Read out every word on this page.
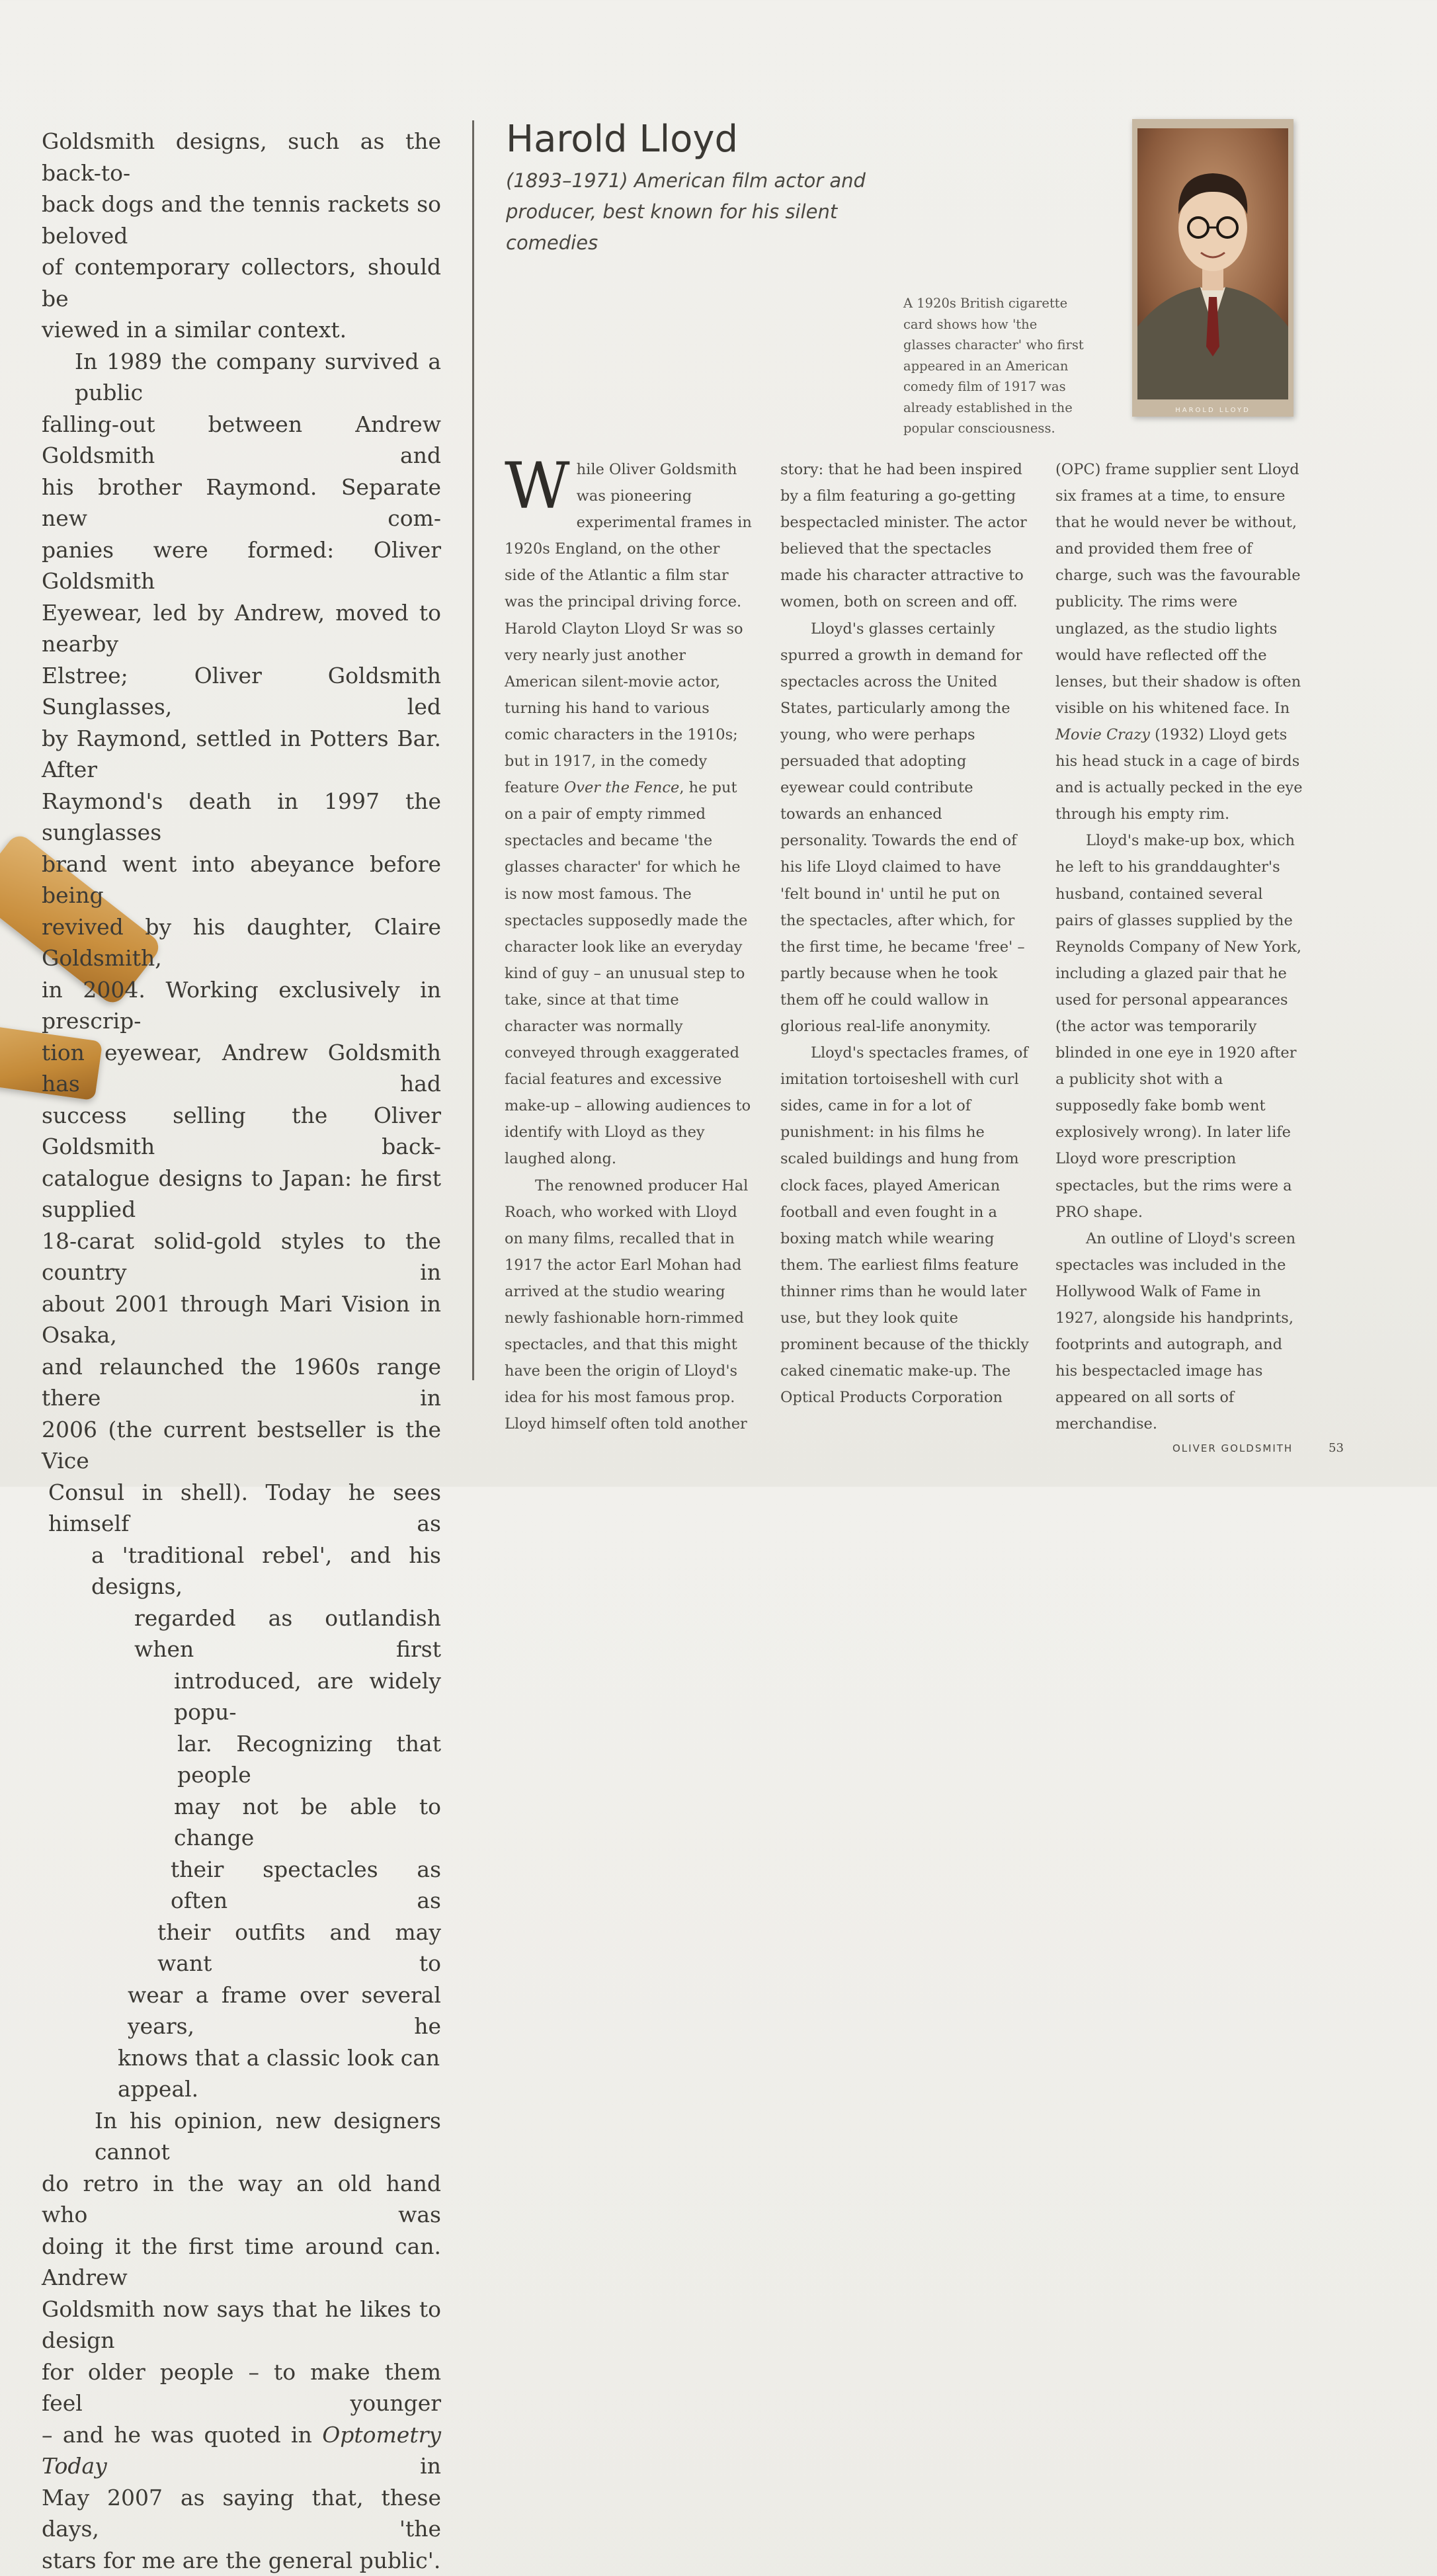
Goldsmith designs, such as the back-to-
back dogs and the tennis rackets so beloved
of contemporary collectors, should be
viewed in a similar context.
In 1989 the company survived a public
falling-out between Andrew Goldsmith and
his brother Raymond. Separate new com-
panies were formed: Oliver Goldsmith
Eyewear, led by Andrew, moved to nearby
Elstree; Oliver Goldsmith Sunglasses, led
by Raymond, settled in Potters Bar. After
Raymond's death in 1997 the sunglasses
brand went into abeyance before being
revived by his daughter, Claire Goldsmith,
in 2004. Working exclusively in prescrip-
tion eyewear, Andrew Goldsmith has had
success selling the Oliver Goldsmith back-
catalogue designs to Japan: he first supplied
18-carat solid-gold styles to the country in
about 2001 through Mari Vision in Osaka,
and relaunched the 1960s range there in
2006 (the current bestseller is the Vice
Consul in shell). Today he sees himself as
a 'traditional rebel', and his designs,
regarded as outlandish when first
introduced, are widely popu-
lar. Recognizing that people
may not be able to change
their spectacles as often as
their outfits and may want to
wear a frame over several years, he
knows that a classic look can appeal.
In his opinion, new designers cannot
do retro in the way an old hand who was
doing it the first time around can. Andrew
Goldsmith now says that he likes to design
for older people – to make them feel younger
– and he was quoted in Optometry Today in
May 2007 as saying that, these days, 'the
stars for me are the general public'.
Harold Lloyd

(1893–1971) American film actor and producer, best known for his silent comedies

HAROLD LLOYD

A 1920s British cigarette card shows how 'the glasses character' who first appeared in an American comedy film of 1917 was already established in the popular consciousness.

While Oliver Goldsmith was pioneering experimental frames in 1920s England, on the other side of the Atlantic a film star was the principal driving force. Harold Clayton Lloyd Sr was so very nearly just another American silent-movie actor, turning his hand to various comic characters in the 1910s; but in 1917, in the comedy feature Over the Fence, he put on a pair of empty rimmed spectacles and became 'the glasses character' for which he is now most famous. The spectacles supposedly made the character look like an everyday kind of guy – an unusual step to take, since at that time character was normally conveyed through exaggerated facial features and excessive make-up – allowing audiences to identify with Lloyd as they laughed along.

The renowned producer Hal Roach, who worked with Lloyd on many films, recalled that in 1917 the actor Earl Mohan had arrived at the studio wearing newly fashionable horn-rimmed spectacles, and that this might have been the origin of Lloyd's idea for his most famous prop. Lloyd himself often told another

story: that he had been inspired by a film featuring a go-getting bespectacled minister. The actor believed that the spectacles made his character attractive to women, both on screen and off.

Lloyd's glasses certainly spurred a growth in demand for spectacles across the United States, particularly among the young, who were perhaps persuaded that adopting eyewear could contribute towards an enhanced personality. Towards the end of his life Lloyd claimed to have 'felt bound in' until he put on the spectacles, after which, for the first time, he became 'free' – partly because when he took them off he could wallow in glorious real-life anonymity.

Lloyd's spectacles frames, of imitation tortoiseshell with curl sides, came in for a lot of punishment: in his films he scaled buildings and hung from clock faces, played American football and even fought in a boxing match while wearing them. The earliest films feature thinner rims than he would later use, but they look quite prominent because of the thickly caked cinematic make-up. The Optical Products Corporation

(OPC) frame supplier sent Lloyd six frames at a time, to ensure that he would never be without, and provided them free of charge, such was the favourable publicity. The rims were unglazed, as the studio lights would have reflected off the lenses, but their shadow is often visible on his whitened face. In Movie Crazy (1932) Lloyd gets his head stuck in a cage of birds and is actually pecked in the eye through his empty rim.

Lloyd's make-up box, which he left to his granddaughter's husband, contained several pairs of glasses supplied by the Reynolds Company of New York, including a glazed pair that he used for personal appearances (the actor was temporarily blinded in one eye in 1920 after a publicity shot with a supposedly fake bomb went explosively wrong). In later life Lloyd wore prescription spectacles, but the rims were a PRO shape.

An outline of Lloyd's screen spectacles was included in the Hollywood Walk of Fame in 1927, alongside his handprints, footprints and autograph, and his bespectacled image has appeared on all sorts of merchandise.

OLIVER GOLDSMITH	53
